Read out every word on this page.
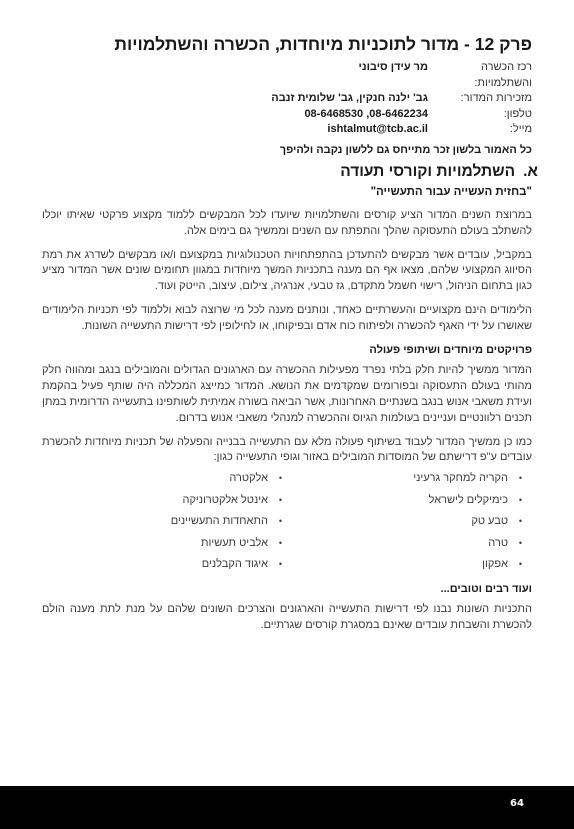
פרק 12 - מדור לתוכניות מיוחדות, הכשרה והשתלמויות
רכז הכשרה והשתלמויות:
מר עידן סיבוני
מזכירות המדור:
גב' ילנה חנקין, גב' שלומית זנבה
טלפון:
08-6468530 ,08-6462234
מייל:
ishtalmut@tcb.ac.il
כל האמור בלשון זכר מתייחס גם ללשון נקבה ולהיפך
א.השתלמויות וקורסי תעודה
"בחזית העשייה עבור התעשייה"

במרוצת השנים המדור הציע קורסים והשתלמויות שיועדו לכל המבקשים ללמוד מקצוע פרקטי שאיתו יוכלו להשתלב בעולם התעסוקה שהלך והתפתח עם השנים וממשיך גם בימים אלה.

במקביל, עובדים אשר מבקשים להתעדכן בהתפתחויות הטכנולוגיות במקצועם ו/או מבקשים לשדרג את רמת הסיווג המקצועי שלהם, מצאו אף הם מענה בתכניות המשך מיוחדות במגוון תחומים שונים אשר המדור מציע כגון בתחום הניהול, רישוי חשמל מתקדם, גז טבעי, אנרגיה, צילום, עיצוב, הייטק ועוד.

הלימודים הינם מקצועיים והעשרתיים כאחד, ונותנים מענה לכל מי שרוצה לבוא וללמוד לפי תכניות הלימודים שאושרו על ידי האגף להכשרה ולפיתוח כוח אדם ובפיקוחו, או לחילופין לפי דרישות התעשייה השונות.

פרויקטים מיוחדים ושיתופי פעולה

המדור ממשיך להיות חלק בלתי נפרד מפעילות ההכשרה עם הארגונים הגדולים והמובילים בנגב ומהווה חלק מהותי בעולם התעסוקה ובפורומים שמקדמים את הנושא. המדור כמייצג המכללה היה שותף פעיל בהקמת ועידת משאבי אנוש בנגב בשנתיים האחרונות, אשר הביאה בשורה אמיתית לשותפינו בתעשייה הדרומית במתן תכנים רלוונטיים ועניינים בעולמות הגיוס וההכשרה למנהלי משאבי אנוש בדרום.

כמו כן ממשיך המדור לעבוד בשיתוף פעולה מלא עם התעשייה בבנייה והפעלה של תכניות מיוחדות להכשרת עובדים ע"פ דרישתם של המוסדות המובילים באזור וגופי התעשייה כגון:

• הקריה למחקר גרעיני
• כימיקלים לישראל
• טבע טק
• טרה
• אפקון
• אלקטרה
• אינטל אלקטרוניקה
• התאחדות התעשיינים
• אלביט תעשיות
• איגוד הקבלנים
ועוד רבים וטובים...

התכניות השונות נבנו לפי דרישות התעשייה והארגונים והצרכים השונים שלהם על מנת לתת מענה הולם להכשרת והשבחת עובדים שאינם במסגרת קורסים שגרתיים.

64
